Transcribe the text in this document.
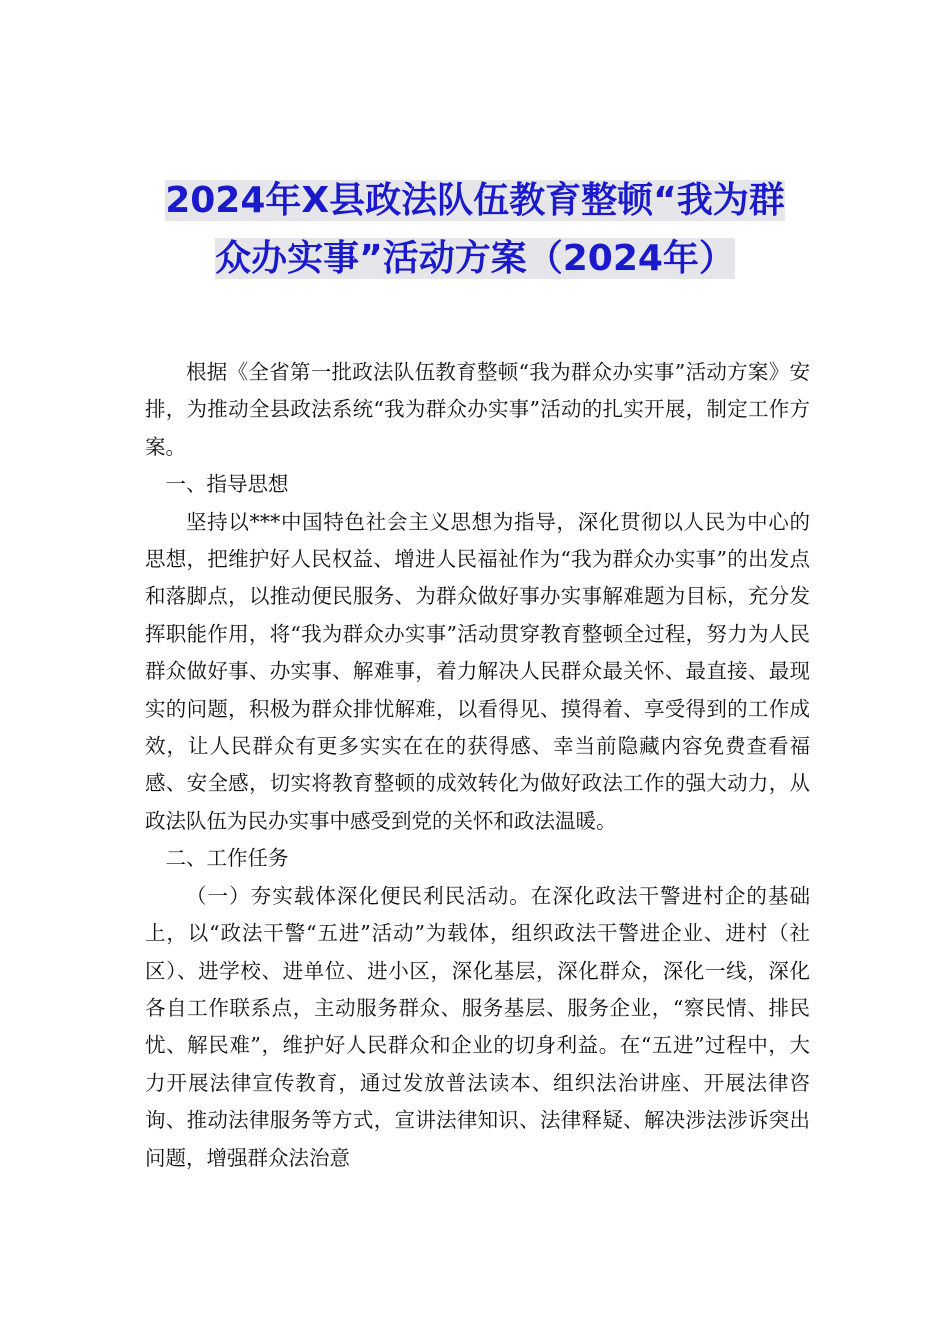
2024年X县政法队伍教育整顿“我为群
众办实事”活动方案（2024年）

根据《全省第一批政法队伍教育整顿“我为群众办实事”活动方案》安排，为推动全县政法系统“我为群众办实事”活动的扎实开展，制定工作方案。

一、指导思想

坚持以***中国特色社会主义思想为指导，深化贯彻以人民为中心的思想，把维护好人民权益、增进人民福祉作为“我为群众办实事”的出发点和落脚点，以推动便民服务、为群众做好事办实事解难题为目标，充分发挥职能作用，将“我为群众办实事”活动贯穿教育整顿全过程，努力为人民群众做好事、办实事、解难事，着力解决人民群众最关怀、最直接、最现实的问题，积极为群众排忧解难，以看得见、摸得着、享受得到的工作成效，让人民群众有更多实实在在的获得感、幸当前隐藏内容免费查看福感、安全感，切实将教育整顿的成效转化为做好政法工作的强大动力，从政法队伍为民办实事中感受到党的关怀和政法温暖。

二、工作任务

（一）夯实载体深化便民利民活动。在深化政法干警进村企的基础上，以“政法干警“五进”活动”为载体，组织政法干警进企业、进村（社区）、进学校、进单位、进小区，深化基层，深化群众，深化一线，深化各自工作联系点，主动服务群众、服务基层、服务企业，“察民情、排民忧、解民难”，维护好人民群众和企业的切身利益。在“五进”过程中，大力开展法律宣传教育，通过发放普法读本、组织法治讲座、开展法律咨询、推动法律服务等方式，宣讲法律知识、法律释疑、解决涉法涉诉突出问题，增强群众法治意
